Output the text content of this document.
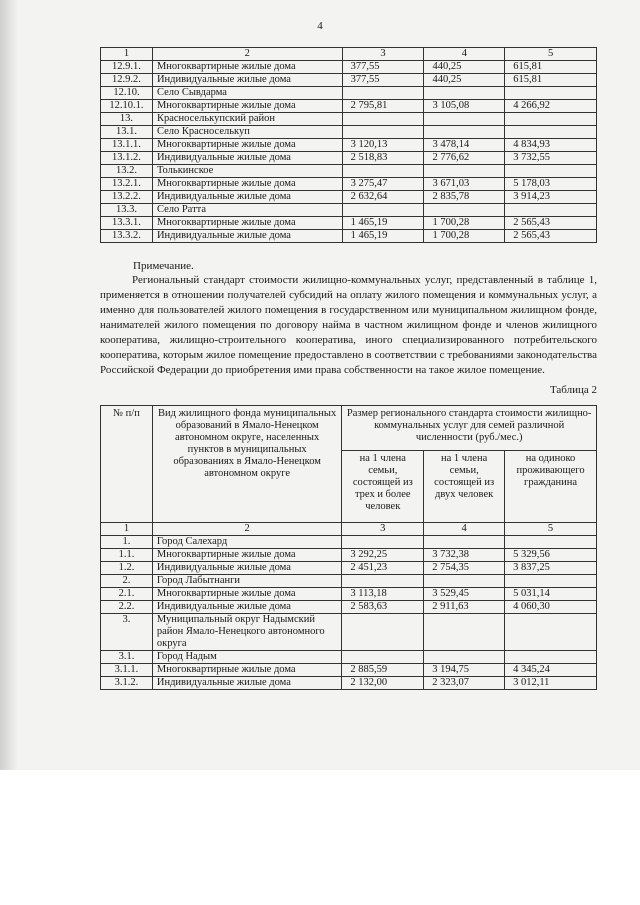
4
1	2	3	4	5
12.9.1.	Многоквартирные жилые дома	377,55	440,25	615,81
12.9.2.	Индивидуальные жилые дома	377,55	440,25	615,81
12.10.	Село Сывдарма			
12.10.1.	Многоквартирные жилые дома	2 795,81	3 105,08	4 266,92
13.	Красноселькупский район			
13.1.	Село Красноселькуп			
13.1.1.	Многоквартирные жилые дома	3 120,13	3 478,14	4 834,93
13.1.2.	Индивидуальные жилые дома	2 518,83	2 776,62	3 732,55
13.2.	Толькинское			
13.2.1.	Многоквартирные жилые дома	3 275,47	3 671,03	5 178,03
13.2.2.	Индивидуальные жилые дома	2 632,64	2 835,78	3 914,23
13.3.	Село Ратта			
13.3.1.	Многоквартирные жилые дома	1 465,19	1 700,28	2 565,43
13.3.2.	Индивидуальные жилые дома	1 465,19	1 700,28	2 565,43
Примечание.
Региональный стандарт стоимости жилищно-коммунальных услуг, представленный в таблице 1, применяется в отношении получателей субсидий на оплату жилого помещения и коммунальных услуг, а именно для пользователей жилого помещения в государственном или муниципальном жилищном фонде, нанимателей жилого помещения по договору найма в частном жилищном фонде и членов жилищного кооператива, жилищно-строительного кооператива, иного специализированного потребительского кооператива, которым жилое помещение предоставлено в соответствии с требованиями законодательства Российской Федерации до приобретения ими права собственности на такое жилое помещение.
Таблица 2
№ п/п	Вид жилищного фонда муниципальных образований в Ямало-Ненецком автономном округе, населенных пунктов в муниципальных образованиях в Ямало-Ненецком автономном округе	Размер регионального стандарта стоимости жилищно-коммунальных услуг для семей различной численности (руб./мес.)		
		на 1 члена семьи, состоящей из трех и более человек	на 1 члена семьи, состоящей из двух человек	на одиноко проживающего гражданина
1	2	3	4	5
1.	Город Салехард			
1.1.	Многоквартирные жилые дома	3 292,25	3 732,38	5 329,56
1.2.	Индивидуальные жилые дома	2 451,23	2 754,35	3 837,25
2.	Город Лабытнанги			
2.1.	Многоквартирные жилые дома	3 113,18	3 529,45	5 031,14
2.2.	Индивидуальные жилые дома	2 583,63	2 911,63	4 060,30
3.	Муниципальный округ Надымский район Ямало-Ненецкого автономного округа			
3.1.	Город Надым			
3.1.1.	Многоквартирные жилые дома	2 885,59	3 194,75	4 345,24
3.1.2.	Индивидуальные жилые дома	2 132,00	2 323,07	3 012,11
